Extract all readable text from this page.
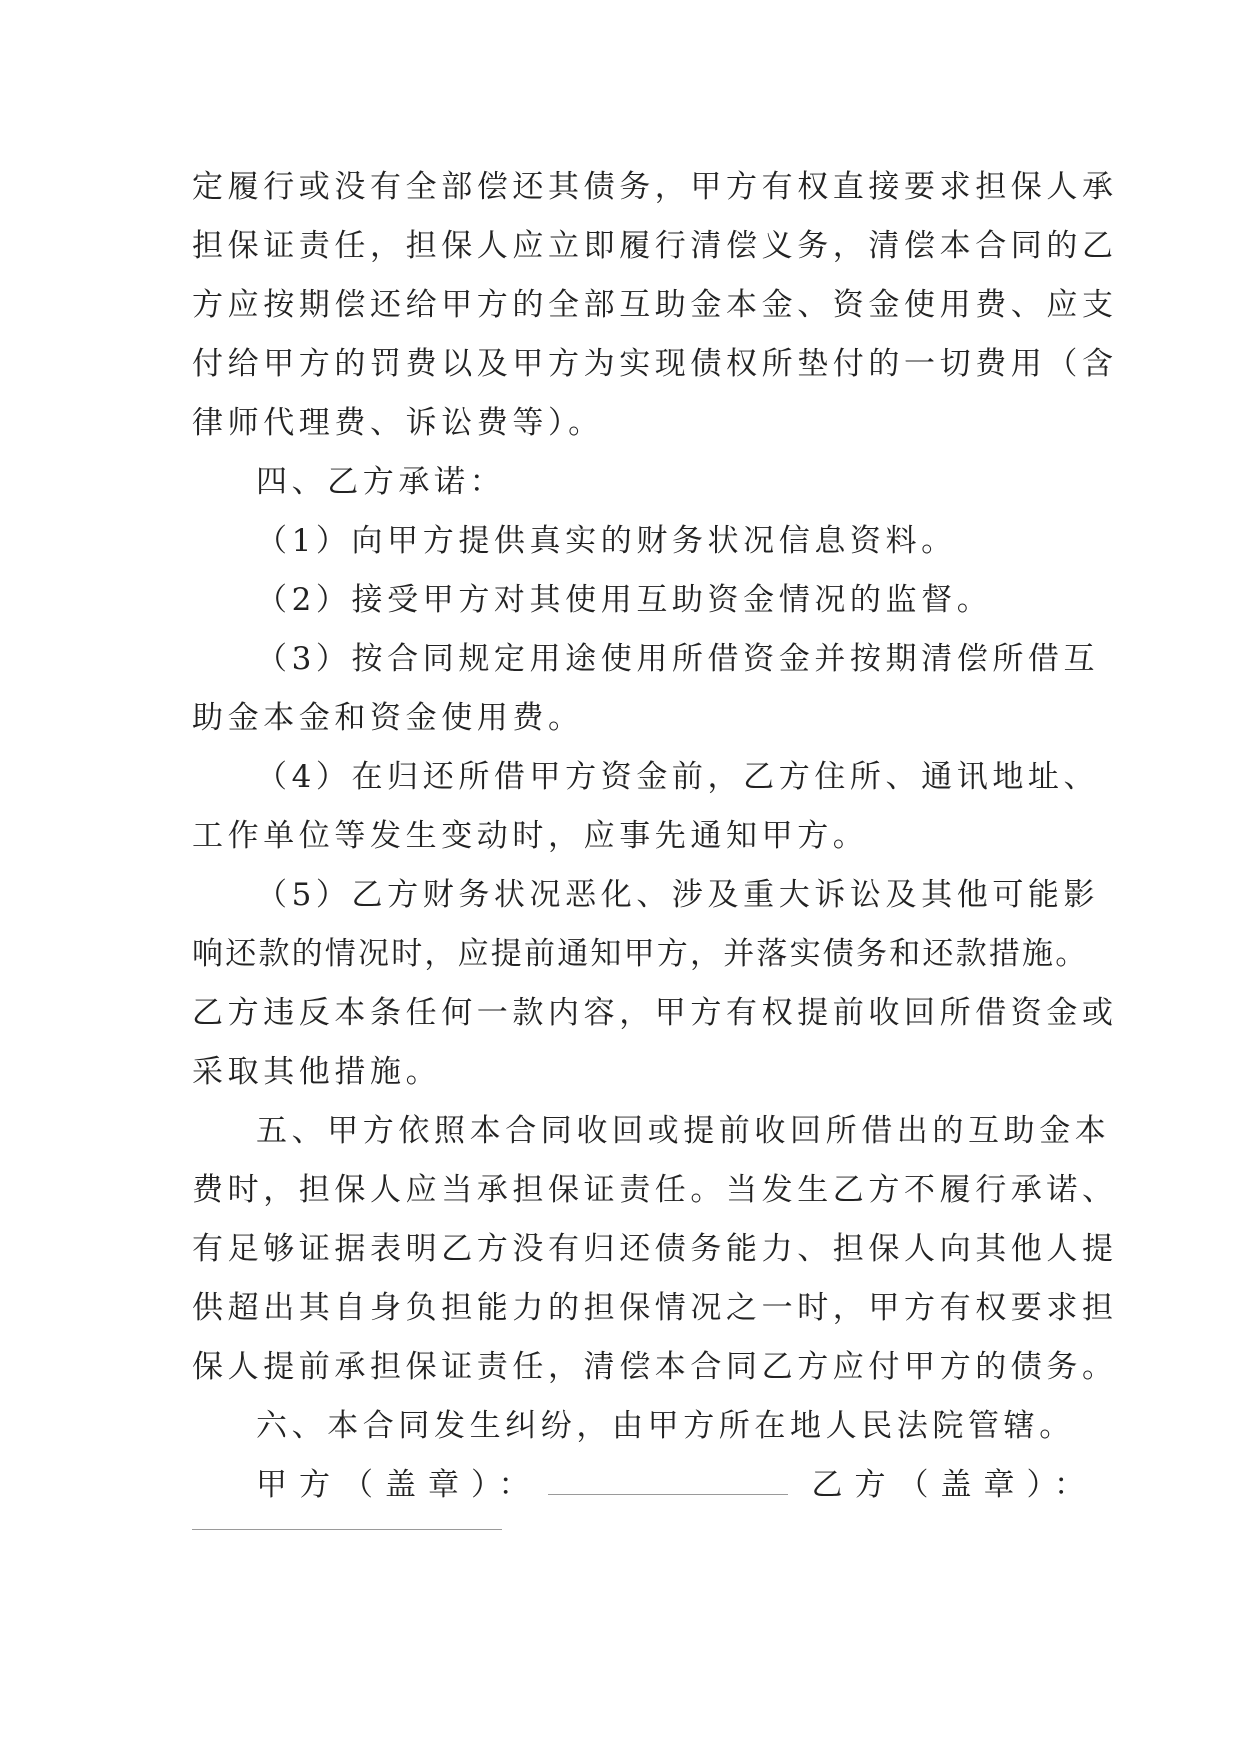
定履行或没有全部偿还其债务，甲方有权直接要求担保人承
担保证责任，担保人应立即履行清偿义务，清偿本合同的乙
方应按期偿还给甲方的全部互助金本金、资金使用费、应支
付给甲方的罚费以及甲方为实现债权所垫付的一切费用（含
律师代理费、诉讼费等）。
四、乙方承诺：
（1）向甲方提供真实的财务状况信息资料。
（2）接受甲方对其使用互助资金情况的监督。
（3）按合同规定用途使用所借资金并按期清偿所借互
助金本金和资金使用费。
（4）在归还所借甲方资金前，乙方住所、通讯地址、
工作单位等发生变动时，应事先通知甲方。
（5）乙方财务状况恶化、涉及重大诉讼及其他可能影
响还款的情况时，应提前通知甲方，并落实债务和还款措施。
乙方违反本条任何一款内容，甲方有权提前收回所借资金或
采取其他措施。
五、甲方依照本合同收回或提前收回所借出的互助金本
费时，担保人应当承担保证责任。当发生乙方不履行承诺、
有足够证据表明乙方没有归还债务能力、担保人向其他人提
供超出其自身负担能力的担保情况之一时，甲方有权要求担
保人提前承担保证责任，清偿本合同乙方应付甲方的债务。
六、本合同发生纠纷，由甲方所在地人民法院管辖。
甲方（盖章）：	乙方（盖章）：
